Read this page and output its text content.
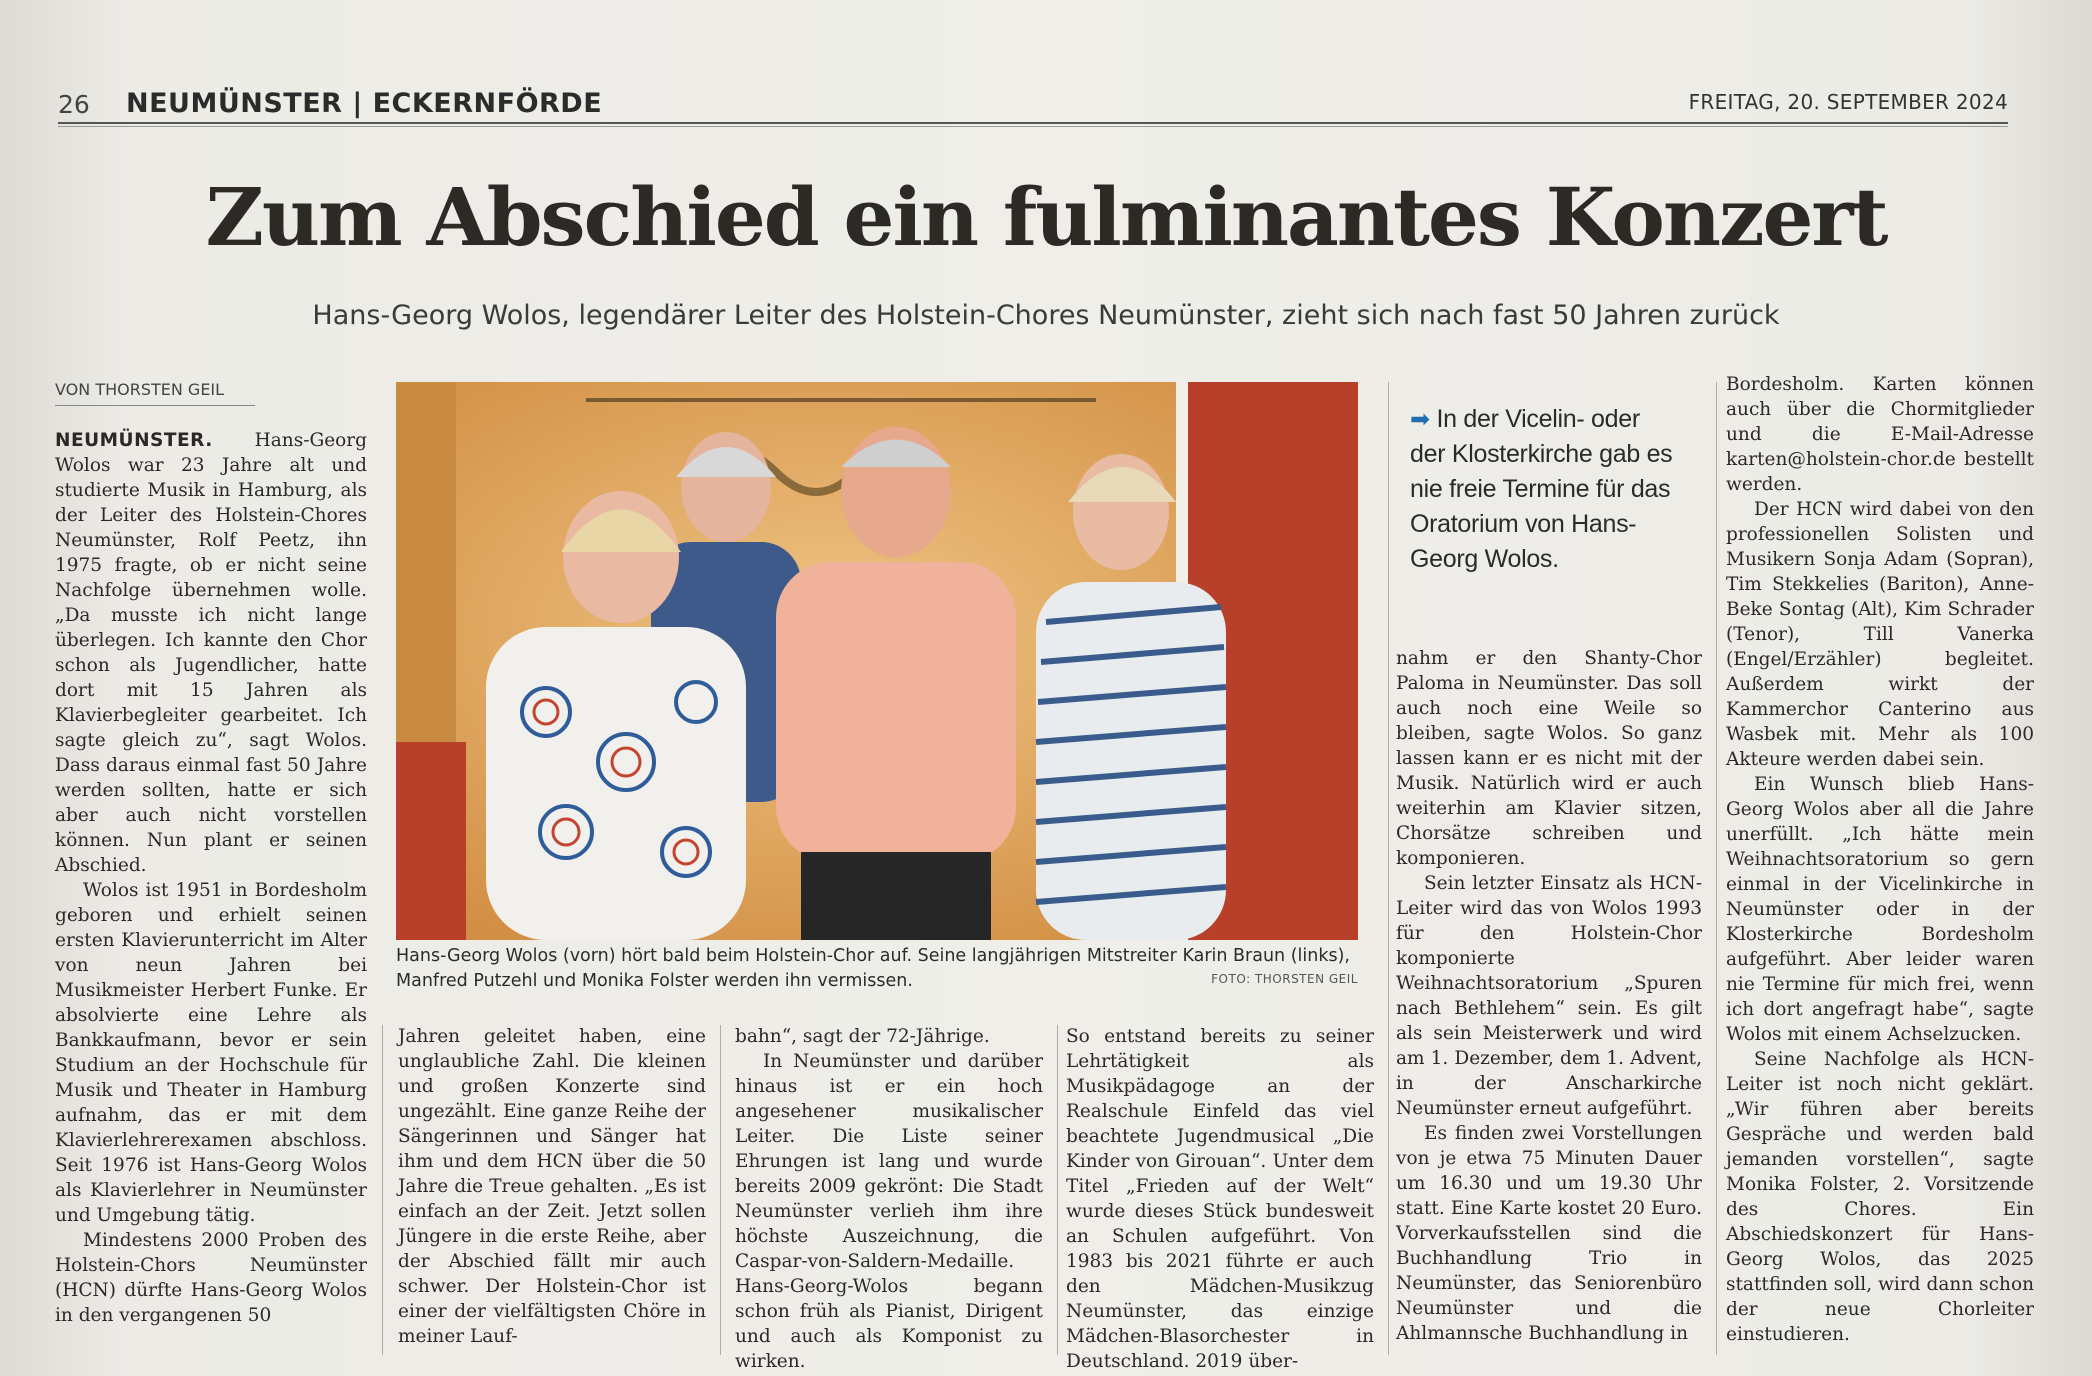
26 NEUMÜNSTER | ECKERNFÖRDE	FREITAG, 20. SEPTEMBER 2024
Zum Abschied ein fulminantes Konzert
Hans-Georg Wolos, legendärer Leiter des Holstein-Chores Neumünster, zieht sich nach fast 50 Jahren zurück
VON THORSTEN GEIL

NEUMÜNSTER. Hans-Georg Wolos war 23 Jahre alt und studierte Musik in Hamburg, als der Leiter des Holstein-Chores Neumünster, Rolf Peetz, ihn 1975 fragte, ob er nicht seine Nachfolge übernehmen wolle. „Da musste ich nicht lange überlegen. Ich kannte den Chor schon als Jugendlicher, hatte dort mit 15 Jahren als Klavierbegleiter gearbeitet. Ich sagte gleich zu“, sagt Wolos. Dass daraus einmal fast 50 Jahre werden sollten, hatte er sich aber auch nicht vorstellen können. Nun plant er seinen Abschied.

Wolos ist 1951 in Bordesholm geboren und erhielt seinen ersten Klavierunterricht im Alter von neun Jahren bei Musikmeister Herbert Funke. Er absolvierte eine Lehre als Bankkaufmann, bevor er sein Studium an der Hochschule für Musik und Theater in Hamburg aufnahm, das er mit dem Klavierlehrerexamen abschloss. Seit 1976 ist Hans-Georg Wolos als Klavierlehrer in Neumünster und Umgebung tätig.

Mindestens 2000 Proben des Holstein-Chors Neumünster (HCN) dürfte Hans-Georg Wolos in den vergangenen 50

Hans-Georg Wolos (vorn) hört bald beim Holstein-Chor auf. Seine langjährigen Mitstreiter Karin Braun (links), Manfred Putzehl und Monika Folster werden ihn vermissen.	FOTO: THORSTEN GEIL
➡ In der Vicelin- oder der Klosterkirche gab es nie freie Termine für das Oratorium von Hans-Georg Wolos.

Jahren geleitet haben, eine unglaubliche Zahl. Die kleinen und großen Konzerte sind ungezählt. Eine ganze Reihe der Sängerinnen und Sänger hat ihm und dem HCN über die 50 Jahre die Treue gehalten. „Es ist einfach an der Zeit. Jetzt sollen Jüngere in die erste Reihe, aber der Abschied fällt mir auch schwer. Der Holstein-Chor ist einer der vielfältigsten Chöre in meiner Lauf-

bahn“, sagt der 72-Jährige.

In Neumünster und darüber hinaus ist er ein hoch angesehener musikalischer Leiter. Die Liste seiner Ehrungen ist lang und wurde bereits 2009 gekrönt: Die Stadt Neumünster verlieh ihm ihre höchste Auszeichnung, die Caspar-von-Saldern-Medaille. Hans-Georg-Wolos begann schon früh als Pianist, Dirigent und auch als Komponist zu wirken.

So entstand bereits zu seiner Lehrtätigkeit als Musikpädagoge an der Realschule Einfeld das viel beachtete Jugendmusical „Die Kinder von Girouan“. Unter dem Titel „Frieden auf der Welt“ wurde dieses Stück bundesweit an Schulen aufgeführt. Von 1983 bis 2021 führte er auch den Mädchen-Musikzug Neumünster, das einzige Mädchen-Blasorchester in Deutschland. 2019 über-

nahm er den Shanty-Chor Paloma in Neumünster. Das soll auch noch eine Weile so bleiben, sagte Wolos. So ganz lassen kann er es nicht mit der Musik. Natürlich wird er auch weiterhin am Klavier sitzen, Chorsätze schreiben und komponieren.

Sein letzter Einsatz als HCN-Leiter wird das von Wolos 1993 für den Holstein-Chor komponierte Weihnachtsoratorium „Spuren nach Bethlehem“ sein. Es gilt als sein Meisterwerk und wird am 1. Dezember, dem 1. Advent, in der Anscharkirche Neumünster erneut aufgeführt.

Es finden zwei Vorstellungen von je etwa 75 Minuten Dauer um 16.30 und um 19.30 Uhr statt. Eine Karte kostet 20 Euro. Vorverkaufsstellen sind die Buchhandlung Trio in Neumünster, das Seniorenbüro Neumünster und die Ahlmannsche Buchhandlung in

Bordesholm. Karten können auch über die Chormitglieder und die E-Mail-Adresse karten@holstein-chor.de bestellt werden.

Der HCN wird dabei von den professionellen Solisten und Musikern Sonja Adam (Sopran), Tim Stekkelies (Bariton), Anne-Beke Sontag (Alt), Kim Schrader (Tenor), Till Vanerka (Engel/Erzähler) begleitet. Außerdem wirkt der Kammerchor Canterino aus Wasbek mit. Mehr als 100 Akteure werden dabei sein.

Ein Wunsch blieb Hans-Georg Wolos aber all die Jahre unerfüllt. „Ich hätte mein Weihnachtsoratorium so gern einmal in der Vicelinkirche in Neumünster oder in der Klosterkirche Bordesholm aufgeführt. Aber leider waren nie Termine für mich frei, wenn ich dort angefragt habe“, sagte Wolos mit einem Achselzucken.

Seine Nachfolge als HCN-Leiter ist noch nicht geklärt. „Wir führen aber bereits Gespräche und werden bald jemanden vorstellen“, sagte Monika Folster, 2. Vorsitzende des Chores. Ein Abschiedskonzert für Hans-Georg Wolos, das 2025 stattfinden soll, wird dann schon der neue Chorleiter einstudieren.
